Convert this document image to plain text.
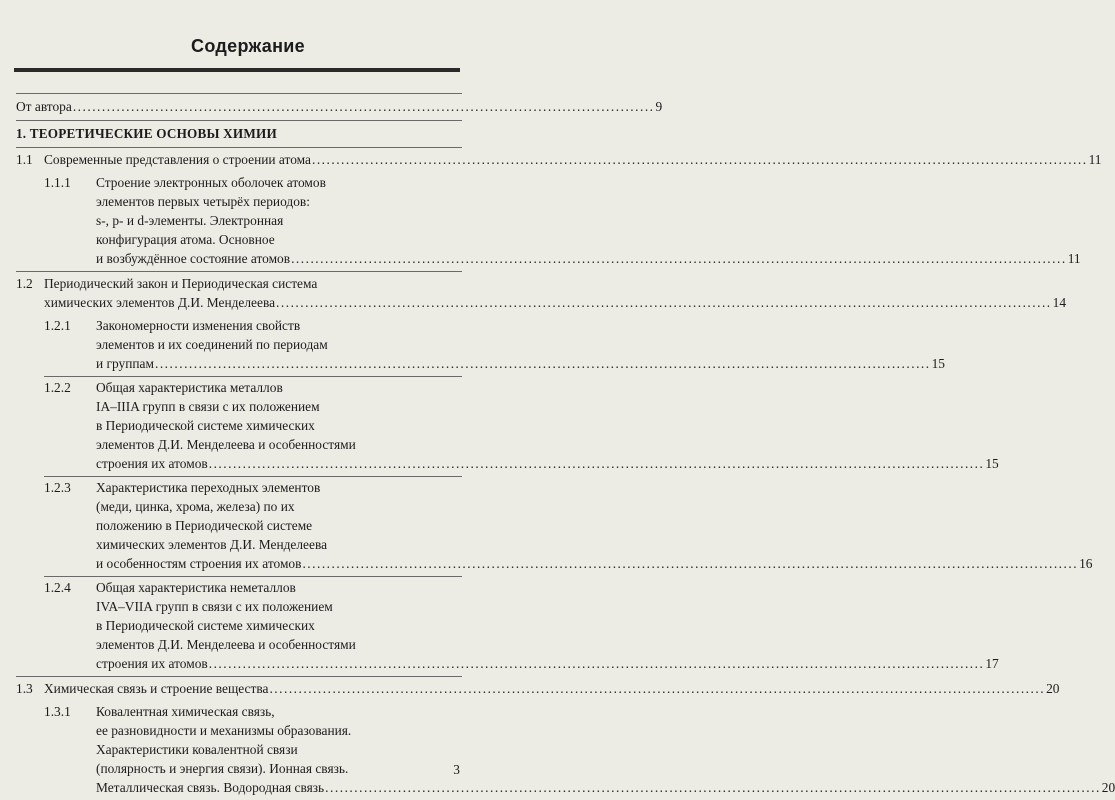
Содержание
От автора ........................................................................................................................ 9
1. ТЕОРЕТИЧЕСКИЕ ОСНОВЫ ХИМИИ
1.1 Современные представления о строении атома ................................................................................................................................................................ 11
1.1.1 Строение электронных оболочек атомов
элементов первых четырёх периодов:
s-, p- и d-элементы. Электронная
конфигурация атома. Основное
и возбуждённое состояние атомов ................................................................................................................................................................ 11
1.2 Периодический закон и Периодическая система
химических элементов Д.И. Менделеева ................................................................................................................................................................ 14
1.2.1 Закономерности изменения свойств
элементов и их соединений по периодам
и группам ................................................................................................................................................................ 15
1.2.2 Общая характеристика металлов
IA–IIIA групп в связи с их положением
в Периодической системе химических
элементов Д.И. Менделеева и особенностями
строения их атомов ................................................................................................................................................................ 15
1.2.3 Характеристика переходных элементов
(меди, цинка, хрома, железа) по их
положению в Периодической системе
химических элементов Д.И. Менделеева
и особенностям строения их атомов ................................................................................................................................................................ 16
1.2.4 Общая характеристика неметаллов
IVA–VIIA групп в связи с их положением
в Периодической системе химических
элементов Д.И. Менделеева и особенностями
строения их атомов ................................................................................................................................................................ 17
1.3 Химическая связь и строение вещества ................................................................................................................................................................ 20
1.3.1 Ковалентная химическая связь,
ее разновидности и механизмы образования.
Характеристики ковалентной связи
(полярность и энергия связи). Ионная связь.
Металлическая связь. Водородная связь ................................................................................................................................................................ 20
3
